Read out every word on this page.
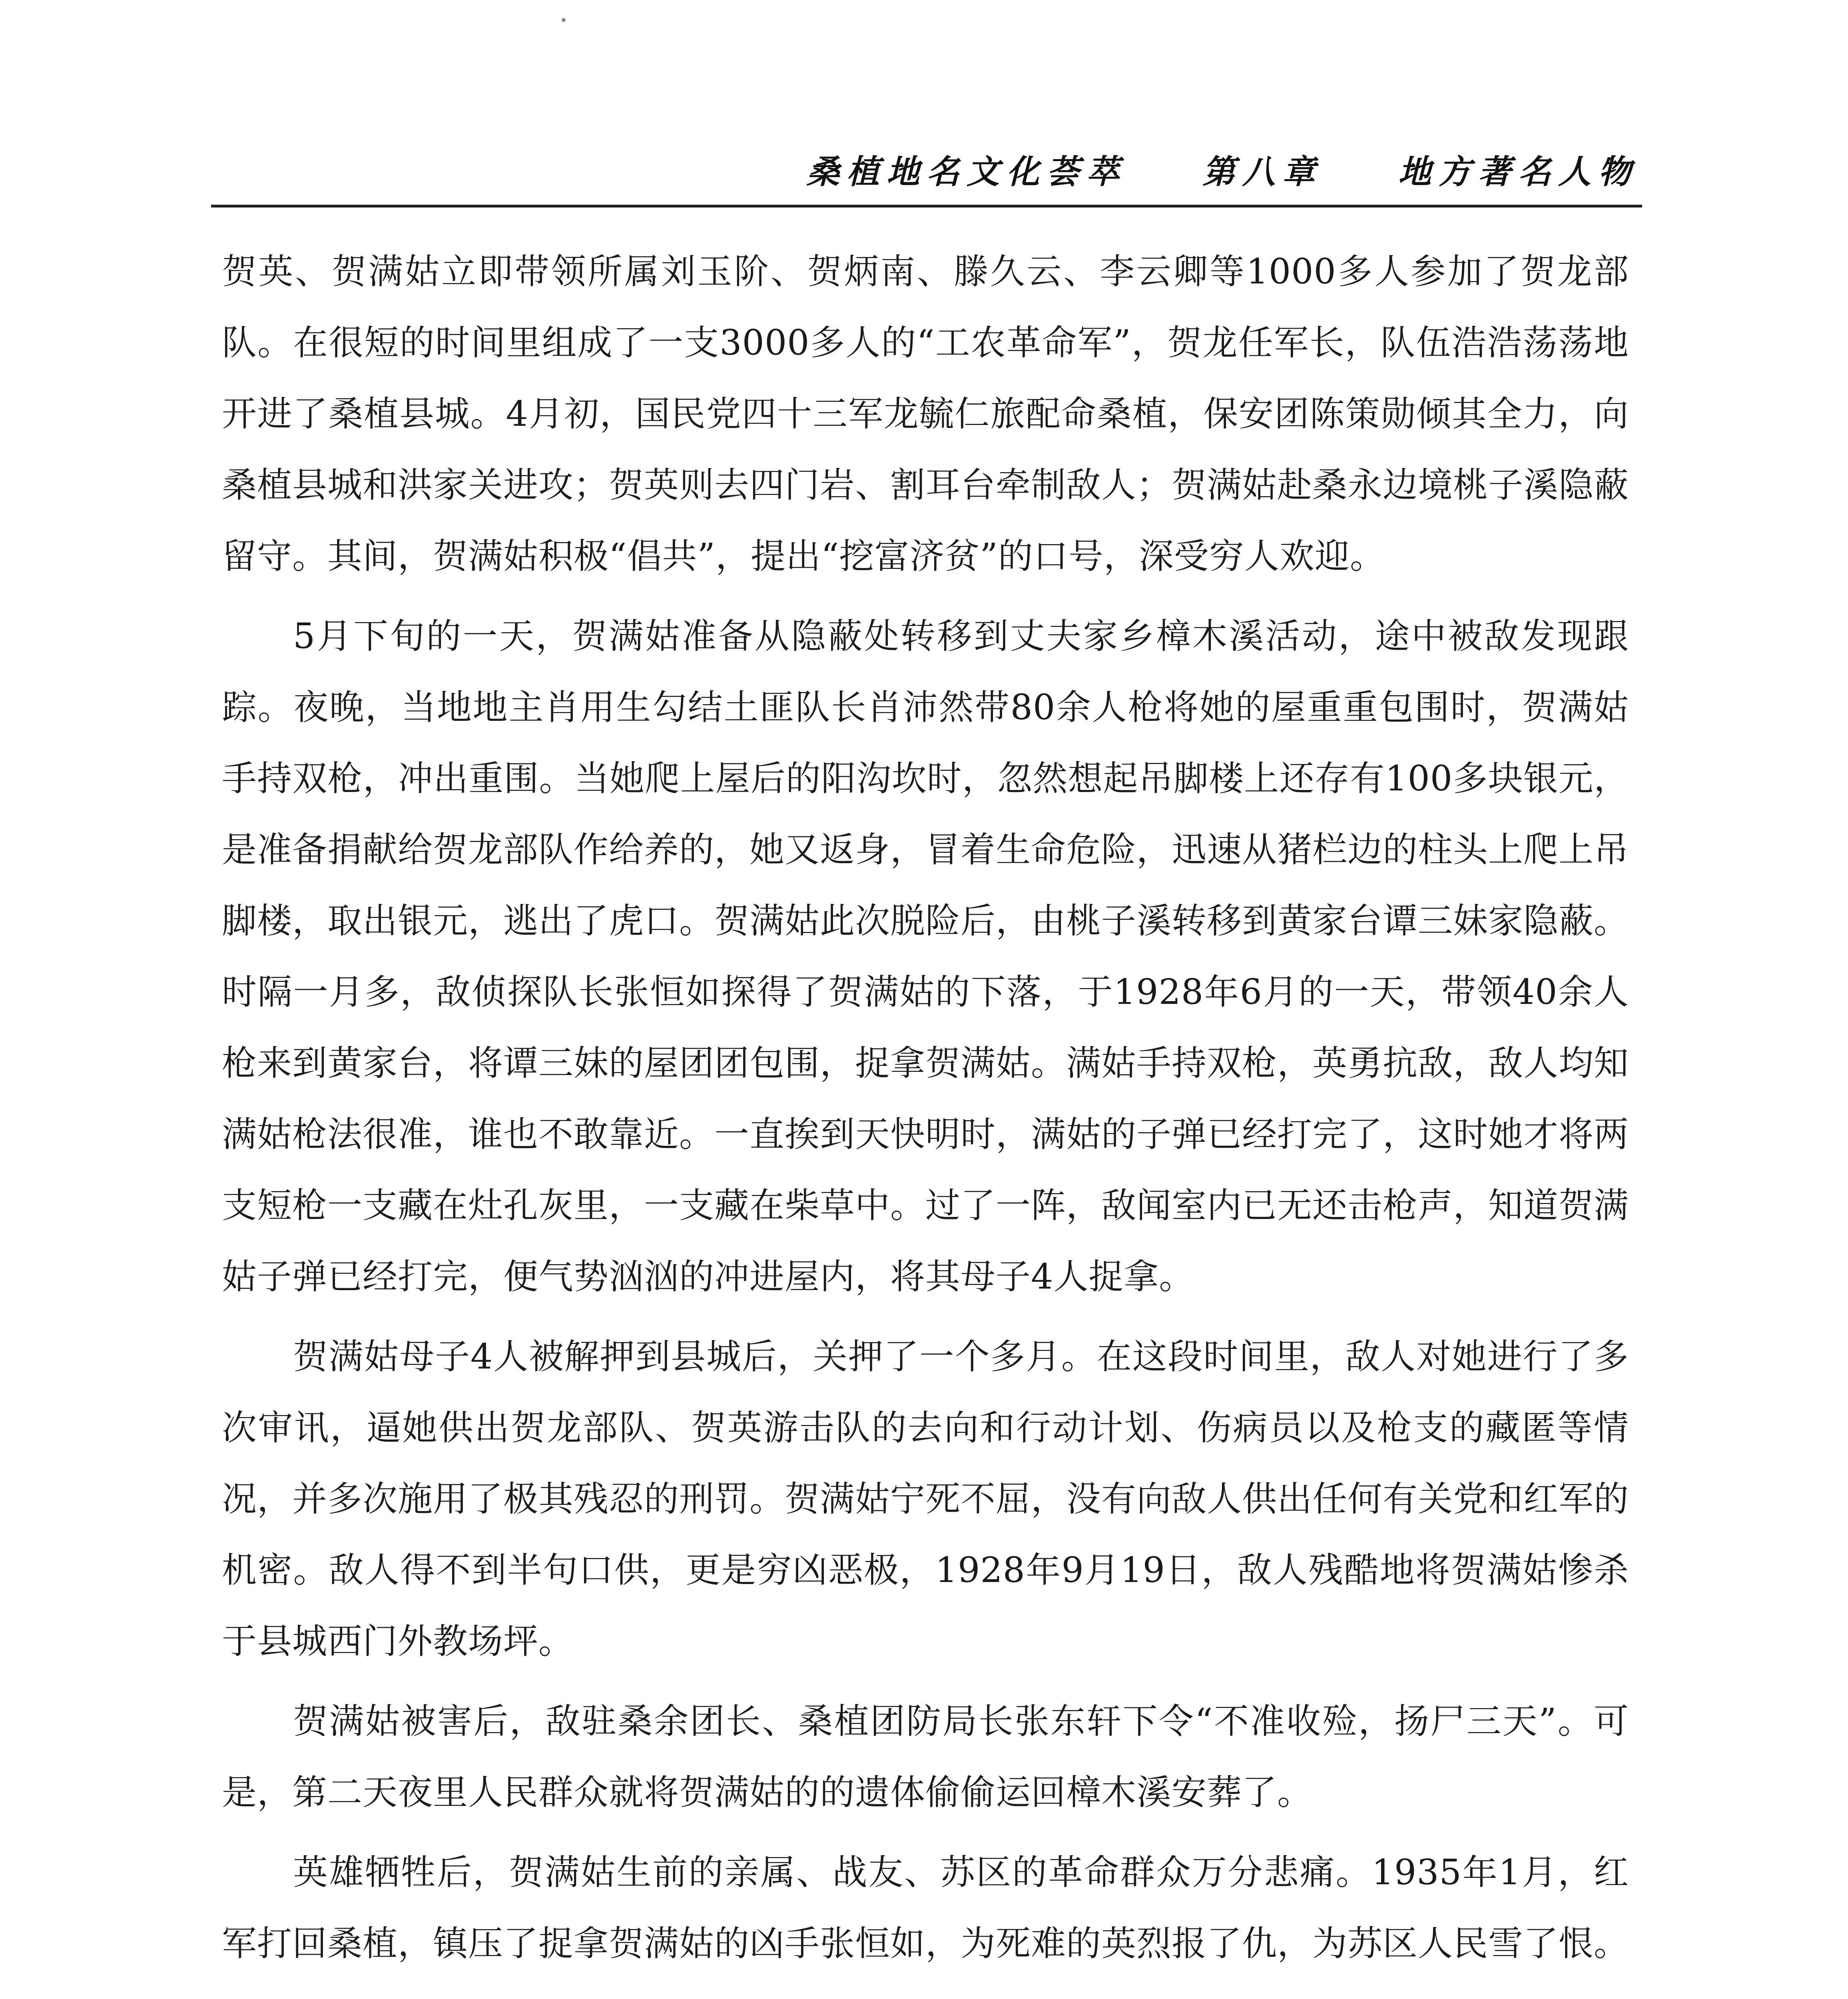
桑植地名文化荟萃 第八章 地方著名人物

贺英、贺满姑立即带领所属刘玉阶、贺炳南、滕久云、李云卿等1000多人参加了贺龙部队。在很短的时间里组成了一支3000多人的“工农革命军”，贺龙任军长，队伍浩浩荡荡地开进了桑植县城。4月初，国民党四十三军龙毓仁旅配命桑植，保安团陈策勋倾其全力，向桑植县城和洪家关进攻；贺英则去四门岩、割耳台牵制敌人；贺满姑赴桑永边境桃子溪隐蔽留守。其间，贺满姑积极“倡共”，提出“挖富济贫”的口号，深受穷人欢迎。

5月下旬的一天，贺满姑准备从隐蔽处转移到丈夫家乡樟木溪活动，途中被敌发现跟踪。夜晚，当地地主肖用生勾结土匪队长肖沛然带80余人枪将她的屋重重包围时，贺满姑手持双枪，冲出重围。当她爬上屋后的阳沟坎时，忽然想起吊脚楼上还存有100多块银元，是准备捐献给贺龙部队作给养的，她又返身，冒着生命危险，迅速从猪栏边的柱头上爬上吊脚楼，取出银元，逃出了虎口。贺满姑此次脱险后，由桃子溪转移到黄家台谭三妹家隐蔽。时隔一月多，敌侦探队长张恒如探得了贺满姑的下落，于1928年6月的一天，带领40余人枪来到黄家台，将谭三妹的屋团团包围，捉拿贺满姑。满姑手持双枪，英勇抗敌，敌人均知满姑枪法很准，谁也不敢靠近。一直挨到天快明时，满姑的子弹已经打完了，这时她才将两支短枪一支藏在灶孔灰里，一支藏在柴草中。过了一阵，敌闻室内已无还击枪声，知道贺满姑子弹已经打完，便气势汹汹的冲进屋内，将其母子4人捉拿。

贺满姑母子4人被解押到县城后，关押了一个多月。在这段时间里，敌人对她进行了多次审讯，逼她供出贺龙部队、贺英游击队的去向和行动计划、伤病员以及枪支的藏匿等情况，并多次施用了极其残忍的刑罚。贺满姑宁死不屈，没有向敌人供出任何有关党和红军的机密。敌人得不到半句口供，更是穷凶恶极，1928年9月19日，敌人残酷地将贺满姑惨杀于县城西门外教场坪。

贺满姑被害后，敌驻桑余团长、桑植团防局长张东轩下令“不准收殓，扬尸三天”。可是，第二天夜里人民群众就将贺满姑的的遗体偷偷运回樟木溪安葬了。

英雄牺牲后，贺满姑生前的亲属、战友、苏区的革命群众万分悲痛。1935年1月，红军打回桑植，镇压了捉拿贺满姑的凶手张恒如，为死难的英烈报了仇，为苏区人民雪了恨。
